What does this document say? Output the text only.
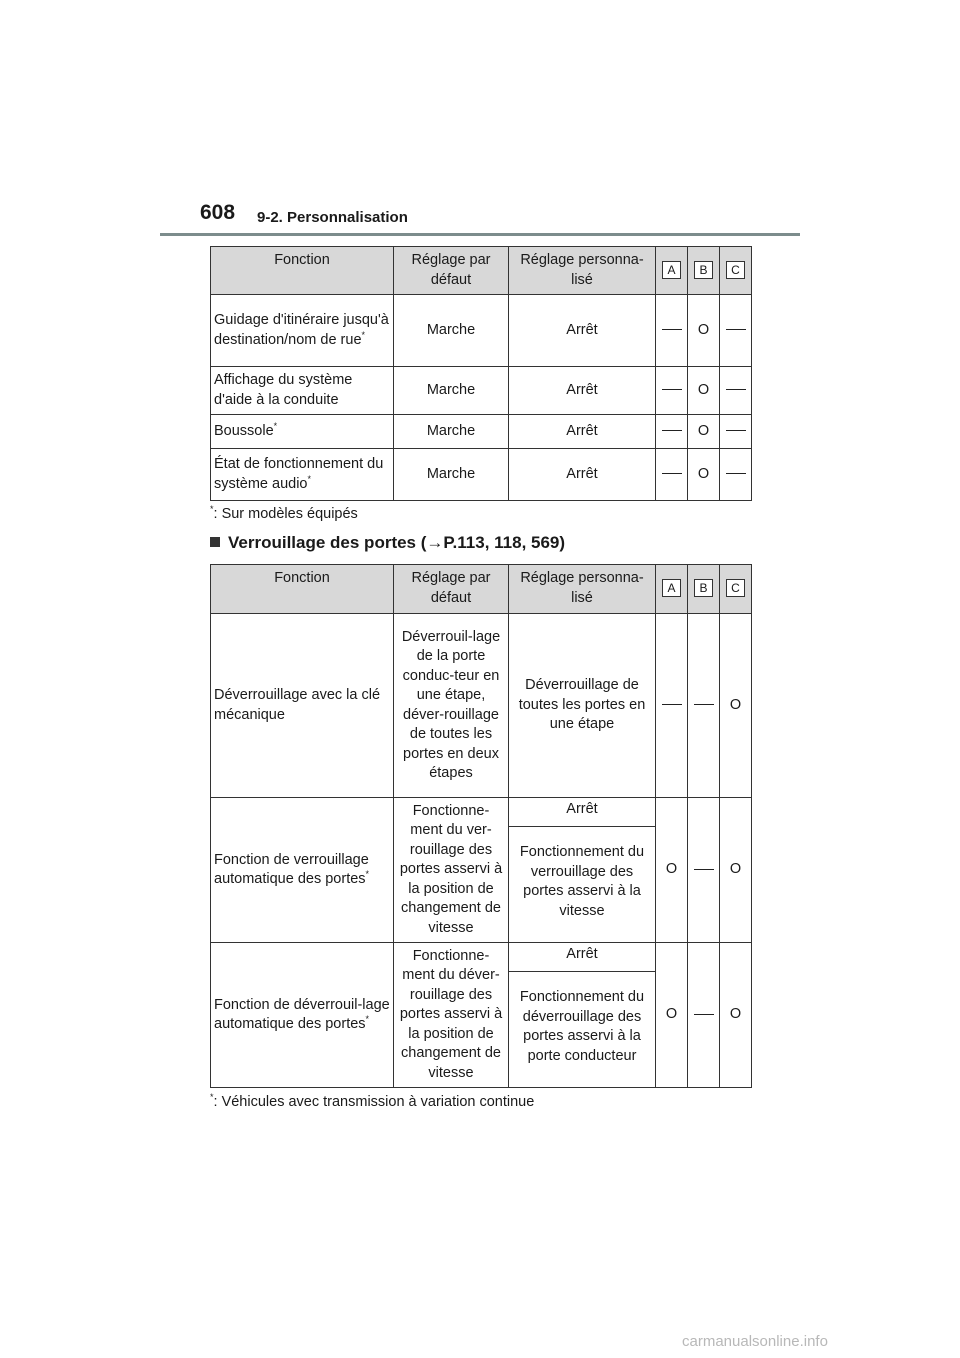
608 9-2. Personnalisation
Fonction	Réglage par défaut	Réglage personna-lisé	A	B	C
Guidage d'itinéraire jusqu'à destination/nom de rue*	Marche	Arrêt		O	
Affichage du système d'aide à la conduite	Marche	Arrêt		O	
Boussole*	Marche	Arrêt		O	
État de fonctionnement du système audio*	Marche	Arrêt		O	
*: Sur modèles équipés
Verrouillage des portes (→P.113, 118, 569)
Fonction	Réglage par défaut	Réglage personna-lisé	A	B	C
Déverrouillage avec la clé mécanique	Déverrouil-lage de la porte conduc-teur en une étape, déver-rouillage de toutes les portes en deux étapes	Déverrouillage de toutes les portes en une étape			O
Fonction de verrouillage automatique des portes*	Fonctionne-ment du ver-rouillage des portes asservi à la position de changement de vitesse	Arrêt	O		O
		Fonctionnement du verrouillage des portes asservi à la vitesse			
Fonction de déverrouil-lage automatique des portes*	Fonctionne-ment du déver-rouillage des portes asservi à la position de changement de vitesse	Arrêt	O		O
		Fonctionnement du déverrouillage des portes asservi à la porte conducteur			
*: Véhicules avec transmission à variation continue
carmanualsonline.info
